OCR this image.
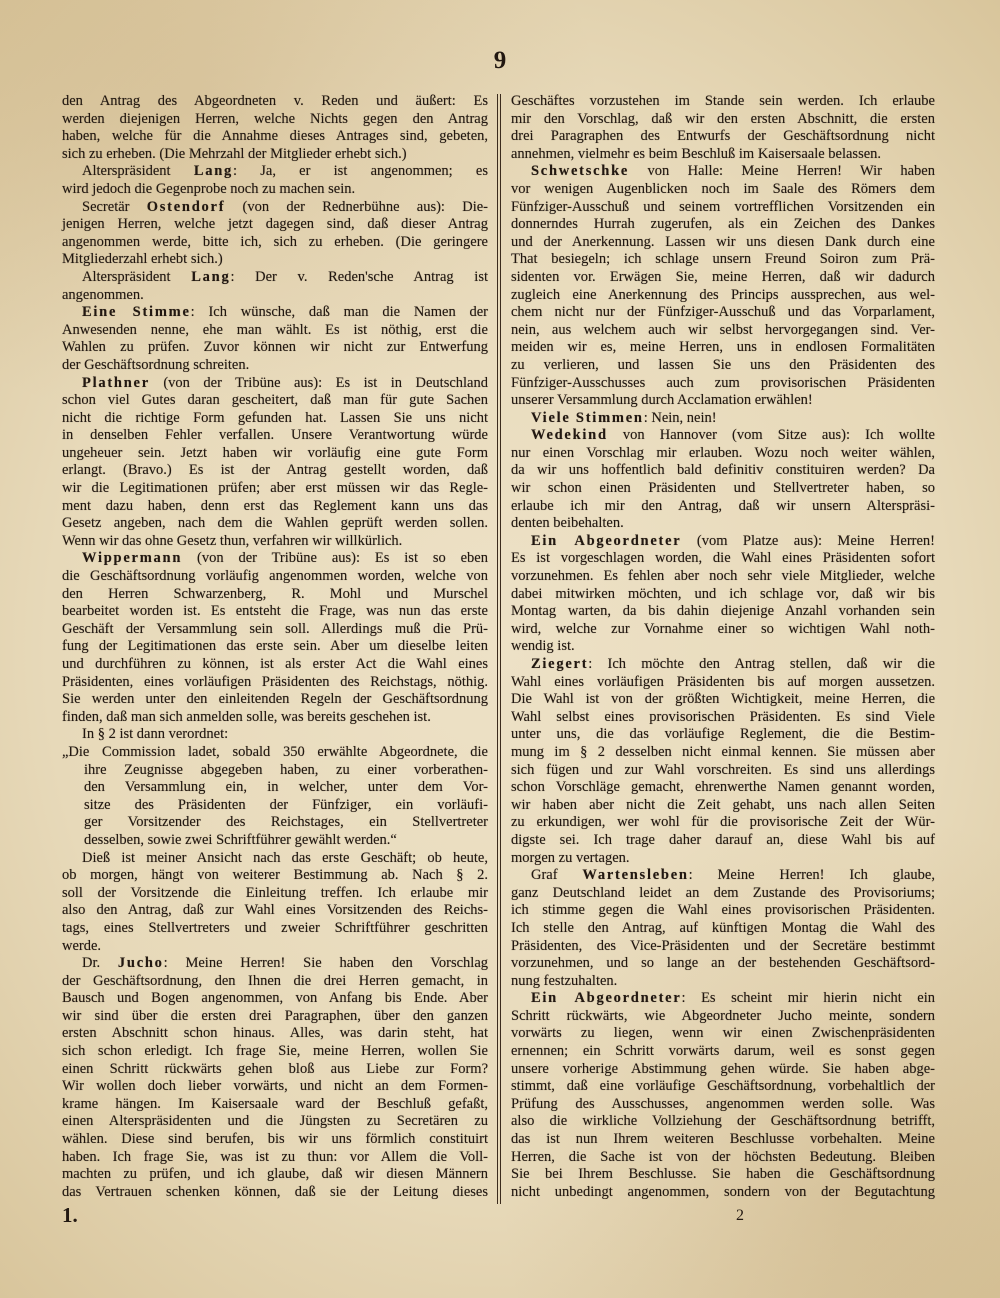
9
den Antrag des Abgeordneten v. Reden und äußert: Es
werden diejenigen Herren, welche Nichts gegen den Antrag
haben, welche für die Annahme dieses Antrages sind, gebeten,
sich zu erheben. (Die Mehrzahl der Mitglieder erhebt sich.)
Alterspräsident Lang: Ja, er ist angenommen; es
wird jedoch die Gegenprobe noch zu machen sein.
Secretär Ostendorf (von der Rednerbühne aus): Die-
jenigen Herren, welche jetzt dagegen sind, daß dieser Antrag
angenommen werde, bitte ich, sich zu erheben. (Die geringere
Mitgliederzahl erhebt sich.)
Alterspräsident Lang: Der v. Reden'sche Antrag ist
angenommen.
Eine Stimme: Ich wünsche, daß man die Namen der
Anwesenden nenne, ehe man wählt. Es ist nöthig, erst die
Wahlen zu prüfen. Zuvor können wir nicht zur Entwerfung
der Geschäftsordnung schreiten.
Plathner (von der Tribüne aus): Es ist in Deutschland
schon viel Gutes daran gescheitert, daß man für gute Sachen
nicht die richtige Form gefunden hat. Lassen Sie uns nicht
in denselben Fehler verfallen. Unsere Verantwortung würde
ungeheuer sein. Jetzt haben wir vorläufig eine gute Form
erlangt. (Bravo.) Es ist der Antrag gestellt worden, daß
wir die Legitimationen prüfen; aber erst müssen wir das Regle-
ment dazu haben, denn erst das Reglement kann uns das
Gesetz angeben, nach dem die Wahlen geprüft werden sollen.
Wenn wir das ohne Gesetz thun, verfahren wir willkürlich.
Wippermann (von der Tribüne aus): Es ist so eben
die Geschäftsordnung vorläufig angenommen worden, welche von
den Herren Schwarzenberg, R. Mohl und Murschel
bearbeitet worden ist. Es entsteht die Frage, was nun das erste
Geschäft der Versammlung sein soll. Allerdings muß die Prü-
fung der Legitimationen das erste sein. Aber um dieselbe leiten
und durchführen zu können, ist als erster Act die Wahl eines
Präsidenten, eines vorläufigen Präsidenten des Reichstags, nöthig.
Sie werden unter den einleitenden Regeln der Geschäftsordnung
finden, daß man sich anmelden solle, was bereits geschehen ist.
In § 2 ist dann verordnet:
„Die Commission ladet, sobald 350 erwählte Abgeordnete, die
ihre Zeugnisse abgegeben haben, zu einer vorberathen-
den Versammlung ein, in welcher, unter dem Vor-
sitze des Präsidenten der Fünfziger, ein vorläufi-
ger Vorsitzender des Reichstages, ein Stellvertreter
desselben, sowie zwei Schriftführer gewählt werden.“
Dieß ist meiner Ansicht nach das erste Geschäft; ob heute,
ob morgen, hängt von weiterer Bestimmung ab. Nach § 2.
soll der Vorsitzende die Einleitung treffen. Ich erlaube mir
also den Antrag, daß zur Wahl eines Vorsitzenden des Reichs-
tags, eines Stellvertreters und zweier Schriftführer geschritten
werde.
Dr. Jucho: Meine Herren! Sie haben den Vorschlag
der Geschäftsordnung, den Ihnen die drei Herren gemacht, in
Bausch und Bogen angenommen, von Anfang bis Ende. Aber
wir sind über die ersten drei Paragraphen, über den ganzen
ersten Abschnitt schon hinaus. Alles, was darin steht, hat
sich schon erledigt. Ich frage Sie, meine Herren, wollen Sie
einen Schritt rückwärts gehen bloß aus Liebe zur Form?
Wir wollen doch lieber vorwärts, und nicht an dem Formen-
krame hängen. Im Kaisersaale ward der Beschluß gefaßt,
einen Alterspräsidenten und die Jüngsten zu Secretären zu
wählen. Diese sind berufen, bis wir uns förmlich constituirt
haben. Ich frage Sie, was ist zu thun: vor Allem die Voll-
machten zu prüfen, und ich glaube, daß wir diesen Männern
das Vertrauen schenken können, daß sie der Leitung dieses
Geschäftes vorzustehen im Stande sein werden. Ich erlaube
mir den Vorschlag, daß wir den ersten Abschnitt, die ersten
drei Paragraphen des Entwurfs der Geschäftsordnung nicht
annehmen, vielmehr es beim Beschluß im Kaisersaale belassen.
Schwetschke von Halle: Meine Herren! Wir haben
vor wenigen Augenblicken noch im Saale des Römers dem
Fünfziger-Ausschuß und seinem vortrefflichen Vorsitzenden ein
donnerndes Hurrah zugerufen, als ein Zeichen des Dankes
und der Anerkennung. Lassen wir uns diesen Dank durch eine
That besiegeln; ich schlage unsern Freund Soiron zum Prä-
sidenten vor. Erwägen Sie, meine Herren, daß wir dadurch
zugleich eine Anerkennung des Princips aussprechen, aus wel-
chem nicht nur der Fünfziger-Ausschuß und das Vorparlament,
nein, aus welchem auch wir selbst hervorgegangen sind. Ver-
meiden wir es, meine Herren, uns in endlosen Formalitäten
zu verlieren, und lassen Sie uns den Präsidenten des
Fünfziger-Ausschusses auch zum provisorischen Präsidenten
unserer Versammlung durch Acclamation erwählen!
Viele Stimmen: Nein, nein!
Wedekind von Hannover (vom Sitze aus): Ich wollte
nur einen Vorschlag mir erlauben. Wozu noch weiter wählen,
da wir uns hoffentlich bald definitiv constituiren werden? Da
wir schon einen Präsidenten und Stellvertreter haben, so
erlaube ich mir den Antrag, daß wir unsern Alterspräsi-
denten beibehalten.
Ein Abgeordneter (vom Platze aus): Meine Herren!
Es ist vorgeschlagen worden, die Wahl eines Präsidenten sofort
vorzunehmen. Es fehlen aber noch sehr viele Mitglieder, welche
dabei mitwirken möchten, und ich schlage vor, daß wir bis
Montag warten, da bis dahin diejenige Anzahl vorhanden sein
wird, welche zur Vornahme einer so wichtigen Wahl noth-
wendig ist.
Ziegert: Ich möchte den Antrag stellen, daß wir die
Wahl eines vorläufigen Präsidenten bis auf morgen aussetzen.
Die Wahl ist von der größten Wichtigkeit, meine Herren, die
Wahl selbst eines provisorischen Präsidenten. Es sind Viele
unter uns, die das vorläufige Reglement, die die Bestim-
mung im § 2 desselben nicht einmal kennen. Sie müssen aber
sich fügen und zur Wahl vorschreiten. Es sind uns allerdings
schon Vorschläge gemacht, ehrenwerthe Namen genannt worden,
wir haben aber nicht die Zeit gehabt, uns nach allen Seiten
zu erkundigen, wer wohl für die provisorische Zeit der Wür-
digste sei. Ich trage daher darauf an, diese Wahl bis auf
morgen zu vertagen.
Graf Wartensleben: Meine Herren! Ich glaube,
ganz Deutschland leidet an dem Zustande des Provisoriums;
ich stimme gegen die Wahl eines provisorischen Präsidenten.
Ich stelle den Antrag, auf künftigen Montag die Wahl des
Präsidenten, des Vice-Präsidenten und der Secretäre bestimmt
vorzunehmen, und so lange an der bestehenden Geschäftsord-
nung festzuhalten.
Ein Abgeordneter: Es scheint mir hierin nicht ein
Schritt rückwärts, wie Abgeordneter Jucho meinte, sondern
vorwärts zu liegen, wenn wir einen Zwischenpräsidenten
ernennen; ein Schritt vorwärts darum, weil es sonst gegen
unsere vorherige Abstimmung gehen würde. Sie haben abge-
stimmt, daß eine vorläufige Geschäftsordnung, vorbehaltlich der
Prüfung des Ausschusses, angenommen werden solle. Was
also die wirkliche Vollziehung der Geschäftsordnung betrifft,
das ist nun Ihrem weiteren Beschlusse vorbehalten. Meine
Herren, die Sache ist von der höchsten Bedeutung. Bleiben
Sie bei Ihrem Beschlusse. Sie haben die Geschäftsordnung
nicht unbedingt angenommen, sondern von der Begutachtung
1.	2
